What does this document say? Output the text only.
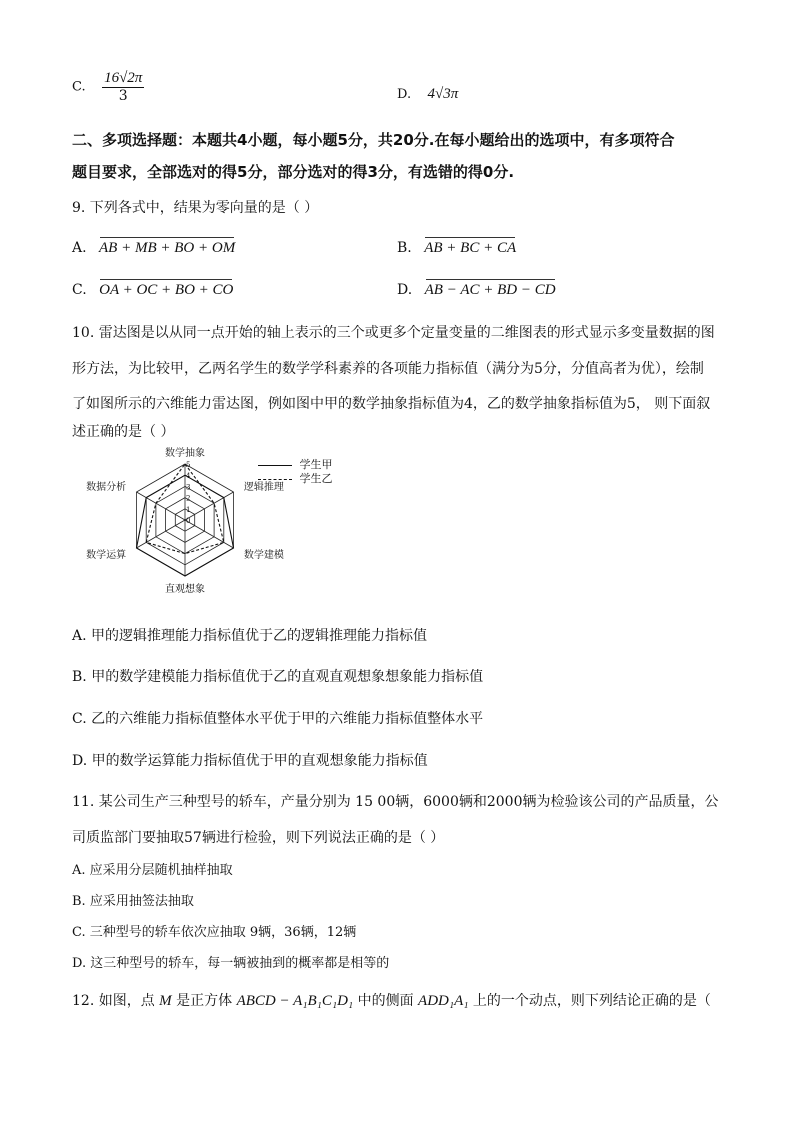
C. $\frac{16√2\pi}{3}$	D. 4√3π
二、多项选择题：本题共4小题，每小题5分，共20分.在每小题给出的选项中，有多项符合
题目要求，全部选对的得5分，部分选对的得3分，有选错的得0分.
9. 下列各式中，结果为零向量的是（ ）
A. AB + MB + BO + OM	B. AB + BC + CA
C. OA + OC + BO + CO	D. AB − AC + BD − CD
10. 雷达图是以从同一点开始的轴上表示的三个或更多个定量变量的二维图表的形式显示多变量数据的图
形方法，为比较甲，乙两名学生的数学学科素养的各项能力指标值（满分为5分，分值高者为优），绘制
了如图所示的六维能力雷达图，例如图中甲的数学抽象指标值为4，乙的数学抽象指标值为5， 则下面叙
述正确的是（ ）
0
1
2
3
4
5
数学抽象
逻辑推理
数学建模
直观想象
数学运算
数据分析
学生甲
学生乙
A. 甲的逻辑推理能力指标值优于乙的逻辑推理能力指标值
B. 甲的数学建模能力指标值优于乙的直观直观想象想象能力指标值
C. 乙的六维能力指标值整体水平优于甲的六维能力指标值整体水平
D. 甲的数学运算能力指标值优于甲的直观想象能力指标值
11. 某公司生产三种型号的轿车，产量分别为 15 00辆，6000辆和2000辆为检验该公司的产品质量，公
司质监部门要抽取57辆进行检验，则下列说法正确的是（ ）
A. 应采用分层随机抽样抽取
B. 应采用抽签法抽取
C. 三种型号的轿车依次应抽取 9辆，36辆，12辆
D. 这三种型号的轿车，每一辆被抽到的概率都是相等的
12. 如图，点 M 是正方体 ABCD − A₁B₁C₁D₁ 中的侧面 ADD₁A₁ 上的一个动点，则下列结论正确的是（
